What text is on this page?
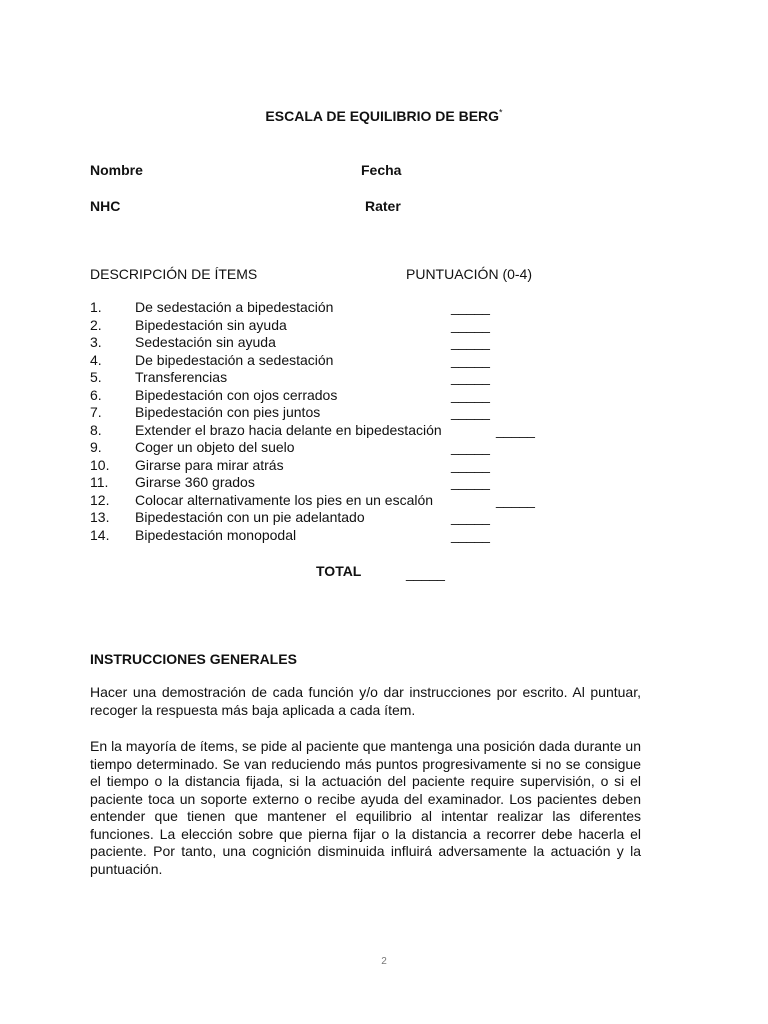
ESCALA DE EQUILIBRIO DE BERG*
Nombre	Fecha
NHC	Rater
DESCRIPCIÓN DE ÍTEMS	PUNTUACIÓN (0-4)
1. De sedestación a bipedestación	_____
2. Bipedestación sin ayuda	_____
3. Sedestación sin ayuda	_____
4. De bipedestación a sedestación	_____
5. Transferencias	_____
6. Bipedestación con ojos cerrados	_____
7. Bipedestación con pies juntos	_____
8. Extender el brazo hacia delante en bipedestación	_____
9. Coger un objeto del suelo	_____
10. Girarse para mirar atrás	_____
11. Girarse 360 grados	_____
12. Colocar alternativamente los pies en un escalón	_____
13. Bipedestación con un pie adelantado	_____
14. Bipedestación monopodal	_____
TOTAL	_____
INSTRUCCIONES GENERALES

Hacer una demostración de cada función y/o dar instrucciones por escrito. Al puntuar, recoger la respuesta más baja aplicada a cada ítem.

En la mayoría de ítems, se pide al paciente que mantenga una posición dada durante un tiempo determinado. Se van reduciendo más puntos progresivamente si no se consigue el tiempo o la distancia fijada, si la actuación del paciente require supervisión, o si el paciente toca un soporte externo o recibe ayuda del examinador. Los pacientes deben entender que tienen que mantener el equilibrio al intentar realizar las diferentes funciones. La elección sobre que pierna fijar o la distancia a recorrer debe hacerla el paciente. Por tanto, una cognición disminuida influirá adversamente la actuación y la puntuación.

2
